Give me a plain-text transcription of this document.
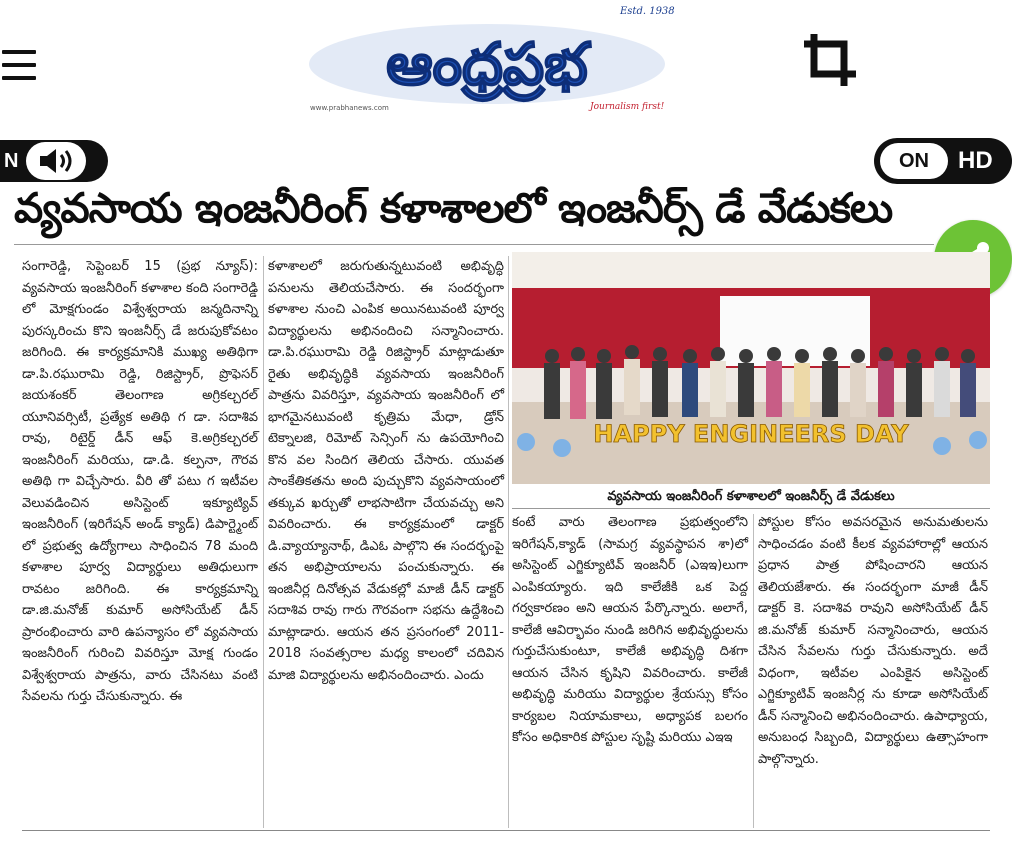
Estd. 1938
ఆంధ్రప్రభ
www.prabhanews.com	Journalism first!
వ్యవసాయ ఇంజనీరింగ్ కళాశాలలో ఇంజనీర్స్ డే వేడుకలు
N	ON	HD

సంగారెడ్డి, సెప్టెంబర్ 15 (ప్రభ న్యూస్): వ్యవసాయ ఇంజనీరింగ్ కళాశాల కంది సంగారెడ్డి లో మోక్షగుండం విశ్వేశ్వరాయ జన్మదినాన్ని పురస్కరించు కొని ఇంజనీర్స్ డే జరుపుకోవటం జరిగింది. ఈ కార్యక్రమానికి ముఖ్య అతిథిగా డా.పి.రఘురామి రెడ్డి, రిజిస్ట్రార్, ప్రొఫెసర్ జయశంకర్ తెలంగాణ అగ్రికల్చరల్ యూనివర్సిటీ, ప్రత్యేక అతిథి గ డా. సదాశివ రావు, రిటైర్డ్ డీన్ ఆఫ్ కె.అగ్రికల్చరల్ ఇంజనీరింగ్ మరియు, డా.డి. కల్పనా, గౌరవ అతిథి గా విచ్చేసారు. వీరి తో పటు గ ఇటీవల వెలువడించిన అసిస్టెంట్ ఇక్యూట్యివ్ ఇంజనీరింగ్ (ఇరిగేషన్ అండ్ క్యాడ్) డిపార్ట్మెంట్ లో ప్రభుత్వ ఉద్యోగాలు సాధించిన 78 మంది కళాశాల పూర్వ విద్యార్థులు అతిధులుగా రావటం జరిగింది. ఈ కార్యక్రమాన్ని డా.జి.మనోజ్ కుమార్ అసోసియేట్ డీన్ ప్రారంభించారు వారి ఉపన్యాసం లో వ్యవసాయ ఇంజనీరింగ్ గురించి వివరిస్తూ మోక్ష గుండం విశ్వేశ్వరాయ పాత్రను, వారు చేసినటు వంటి సేవలను గుర్తు చేసుకున్నారు. ఈ

కళాశాలలో జరుగుతున్నటువంటి అభివృద్ధి పనులను తెలియచేసారు. ఈ సందర్భంగా కళాశాల నుంచి ఎంపిక అయినటువంటి పూర్వ విద్యార్థులను అభినందించి సన్మానించారు. డా.పి.రఘురామి రెడ్డి రిజిస్ట్రార్ మాట్లాడుతూ రైతు అభివృద్ధికి వ్యవసాయ ఇంజనీరింగ్ పాత్రను వివరిస్తూ, వ్యవసాయ ఇంజనీరింగ్ లో భాగమైనటువంటి కృత్రిమ మేధా, డ్రోన్ టెక్నాలజి, రిమోట్ సెన్సింగ్ ను ఉపయోగించి కొన వల సిందిగ తెలియ చేసారు. యువత సాంకేతికతను అంది పుచ్చుకొని వ్యవసాయంలో తక్కువ ఖర్చుతో లాభసాటిగా చేయవచ్చు అని వివరించారు. ఈ కార్యక్రమంలో డాక్టర్ డి.వ్యాయ్యానాథ్, డిఎఓ పాల్గొని ఈ సందర్భంపై తన అభిప్రాయాలను పంచుకున్నారు. ఈ ఇంజినీర్ల దినోత్సవ వేడుకల్లో మాజీ డీన్ డాక్టర్ సదాశివ రావు గారు గౌరవంగా సభను ఉద్దేశించి మాట్లాడారు. ఆయన తన ప్రసంగంలో 2011-2018 సంవత్సరాల మధ్య కాలంలో చదివిన మాజి విద్యార్థులను అభినందించారు. ఎందు

HAPPY ENGINEERS DAY
వ్యవసాయ ఇంజనీరింగ్ కళాశాలలో ఇంజనీర్స్ డే వేడుకలు

కంటే వారు తెలంగాణ ప్రభుత్వంలోని ఇరిగేషన్,క్యాడ్ (సామగ్ర వ్యవస్థాపన శా)లో అసిస్టెంట్ ఎగ్జిక్యూటివ్ ఇంజనీర్ (ఎఇఇ)లుగా ఎంపికయ్యారు. ఇది కాలేజీకి ఒక పెద్ద గర్వకారణం అని ఆయన పేర్కొన్నారు. అలాగే, కాలేజీ ఆవిర్భావం నుండి జరిగిన అభివృద్ధులను గుర్తుచేసుకుంటూ, కాలేజీ అభివృద్ధి దిశగా ఆయన చేసిన కృషిని వివరించారు. కాలేజీ అభివృద్ధి మరియు విద్యార్థుల శ్రేయస్సు కోసం కార్యబల నియామకాలు, అధ్యాపక బలగం కోసం అధికారిక పోస్టుల సృష్టి మరియు ఎఇఇ

పోస్టుల కోసం అవసరమైన అనుమతులను సాధించడం వంటి కీలక వ్యవహారాల్లో ఆయన ప్రధాన పాత్ర పోషించారని ఆయన తెలియజేశారు. ఈ సందర్భంగా మాజీ డీన్ డాక్టర్ కె. సదాశివ రావుని అసోసియేట్ డీన్ జి.మనోజ్ కుమార్ సన్మానించారు, ఆయన చేసిన సేవలను గుర్తు చేసుకున్నారు. అదే విధంగా, ఇటీవల ఎంపికైన అసిస్టెంట్ ఎగ్జిక్యూటివ్ ఇంజనీర్ల ను కూడా అసోసియేట్ డీన్ సన్మానించి అభినందించారు. ఉపాధ్యాయ, అనుబంధ సిబ్బంది, విద్యార్థులు ఉత్సాహంగా పాల్గొన్నారు.
